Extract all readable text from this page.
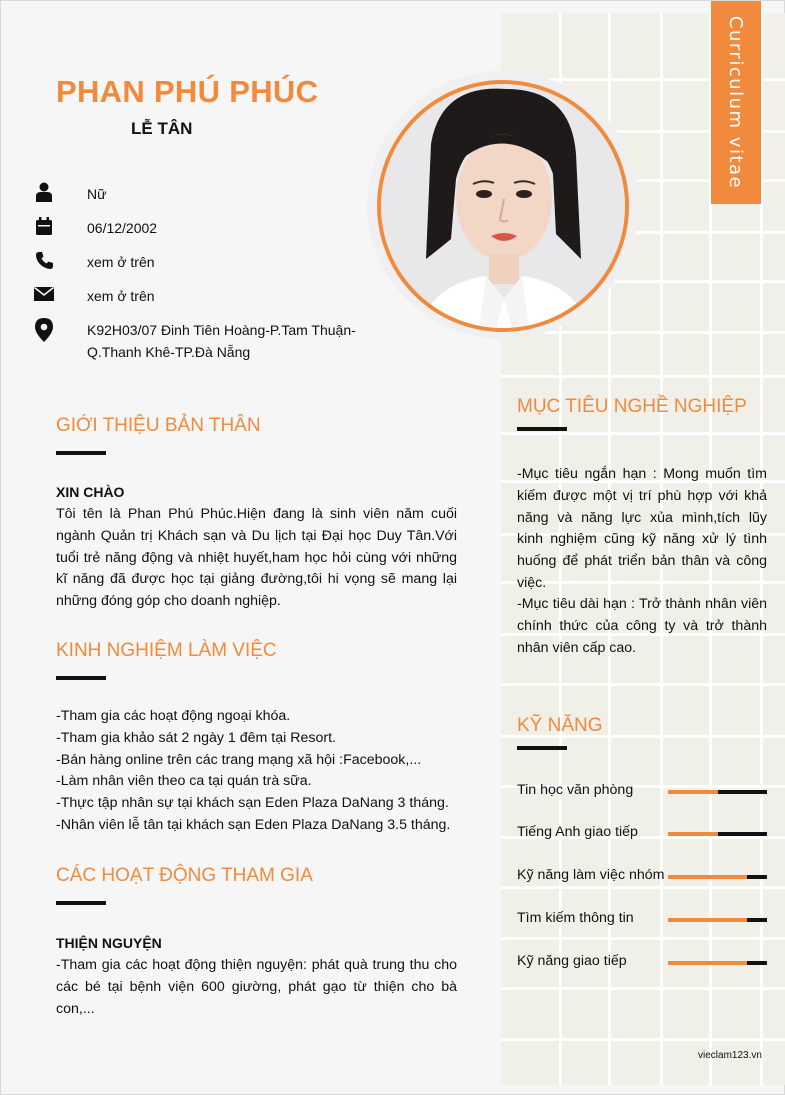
Curriculum vitae
PHAN PHÚ PHÚC
LỄ TÂN
Nữ
06/12/2002
xem ở trên
xem ở trên
K92H03/07 Đinh Tiên Hoàng-P.Tam Thuận-
Q.Thanh Khê-TP.Đà Nẵng
GIỚI THIỆU BẢN THÂN
XIN CHÀO
Tôi tên là Phan Phú Phúc.Hiện đang là sinh viên năm cuối ngành Quản trị Khách sạn và Du lịch tại Đại học Duy Tân.Với tuổi trẻ năng động và nhiệt huyết,ham học hỏi cùng với những kĩ năng đã được học tại giảng đường,tôi hi vọng sẽ mang lại những đóng góp cho doanh nghiệp.
KINH NGHIỆM LÀM VIỆC
-Tham gia các hoạt động ngoại khóa.
-Tham gia khảo sát 2 ngày 1 đêm tại Resort.
-Bán hàng online trên các trang mạng xã hội :Facebook,...
-Làm nhân viên theo ca tại quán trà sữa.
-Thực tập nhân sự tại khách sạn Eden Plaza DaNang 3 tháng.
-Nhân viên lễ tân tại khách sạn Eden Plaza DaNang 3.5 tháng.
CÁC HOẠT ĐỘNG THAM GIA
THIỆN NGUYỆN
-Tham gia các hoạt động thiện nguyện: phát quà trung thu cho các bé tại bệnh viện 600 giường, phát gạo từ thiện cho bà con,...
MỤC TIÊU NGHỀ NGHIỆP
-Mục tiêu ngắn hạn : Mong muốn tìm kiếm được một vị trí phù hợp với khả năng và năng lực xủa mình,tích lũy kinh nghiệm cũng kỹ năng xử lý tình huống để phát triển bản thân và công việc.
-Mục tiêu dài hạn : Trở thành nhân viên chính thức của công ty và trở thành nhân viên cấp cao.
KỸ NĂNG
Tin học văn phòng
Tiếng Anh giao tiếp
Kỹ năng làm việc nhóm
Tìm kiếm thông tin
Kỹ năng giao tiếp
vieclam123.vn
